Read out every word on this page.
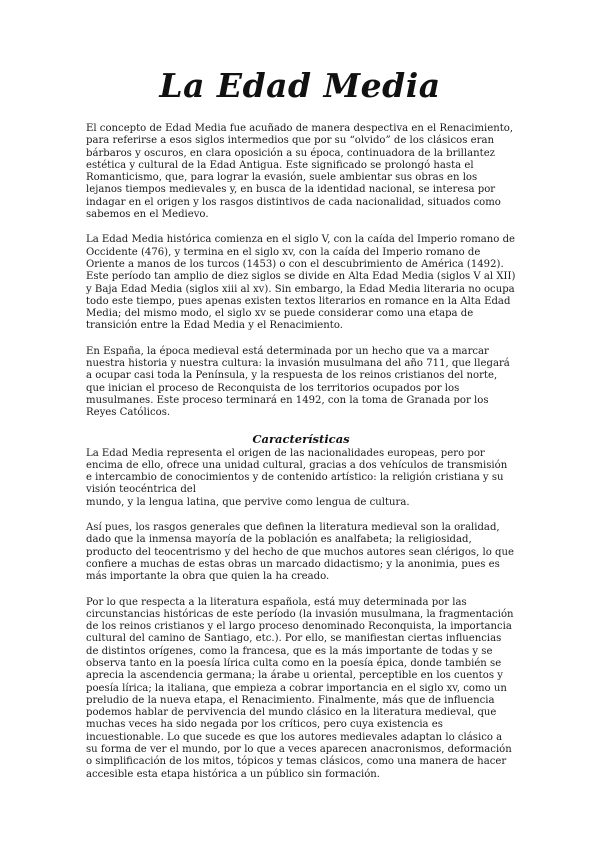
La Edad Media

El concepto de Edad Media fue acuñado de manera despectiva en el Renacimiento, para referirse a esos siglos intermedios que por su “olvido” de los clásicos eran bárbaros y oscuros, en clara oposición a su época, continuadora de la brillantez estética y cultural de la Edad Antigua. Este significado se prolongó hasta el Romanticismo, que, para lograr la evasión, suele ambientar sus obras en los lejanos tiempos medievales y, en busca de la identidad nacional, se interesa por indagar en el origen y los rasgos distintivos de cada nacionalidad, situados como sabemos en el Medievo.

La Edad Media histórica comienza en el siglo V, con la caída del Imperio romano de Occidente (476), y termina en el siglo xv, con la caída del Imperio romano de Oriente a manos de los turcos (1453) o con el descubrimiento de América (1492). Este período tan amplio de diez siglos se divide en Alta Edad Media (siglos V al XII) y Baja Edad Media (siglos xiii al xv). Sin embargo, la Edad Media literaria no ocupa todo este tiempo, pues apenas existen textos literarios en romance en la Alta Edad Media; del mismo modo, el siglo xv se puede considerar como una etapa de transición entre la Edad Media y el Renacimiento.

En España, la época medieval está determinada por un hecho que va a marcar nuestra historia y nuestra cultura: la invasión musulmana del año 711, que llegará a ocupar casi toda la Península, y la respuesta de los reinos cristianos del norte, que inician el proceso de Reconquista de los territorios ocupados por los musulmanes. Este proceso terminará en 1492, con la toma de Granada por los Reyes Católicos.

Características

La Edad Media representa el origen de las nacionalidades europeas, pero por encima de ello, ofrece una unidad cultural, gracias a dos vehículos de transmisión e intercambio de conocimientos y de contenido artístico: la religión cristiana y su visión teocéntrica del

mundo, y la lengua latina, que pervive como lengua de cultura.

Así pues, los rasgos generales que definen la literatura medieval son la oralidad, dado que la inmensa mayoría de la población es analfabeta; la religiosidad, producto del teocentrismo y del hecho de que muchos autores sean clérigos, lo que confiere a muchas de estas obras un marcado didactismo; y la anonimia, pues es más importante la obra que quien la ha creado.

Por lo que respecta a la literatura española, está muy determinada por las circunstancias históricas de este período (la invasión musulmana, la fragmentación de los reinos cristianos y el largo proceso denominado Reconquista, la importancia cultural del camino de Santiago, etc.). Por ello, se manifiestan ciertas influencias de distintos orígenes, como la francesa, que es la más importante de todas y se observa tanto en la poesía lírica culta como en la poesía épica, donde también se aprecia la ascendencia germana; la árabe u oriental, perceptible en los cuentos y poesía lírica; la italiana, que empieza a cobrar importancia en el siglo xv, como un preludio de la nueva etapa, el Renacimiento. Finalmente, más que de influencia podemos hablar de pervivencia del mundo clásico en la literatura medieval, que muchas veces ha sido negada por los críticos, pero cuya existencia es incuestionable. Lo que sucede es que los autores medievales adaptan lo clásico a su forma de ver el mundo, por lo que a veces aparecen anacronismos, deformación o simplificación de los mitos, tópicos y temas clásicos, como una manera de hacer accesible esta etapa histórica a un público sin formación.
